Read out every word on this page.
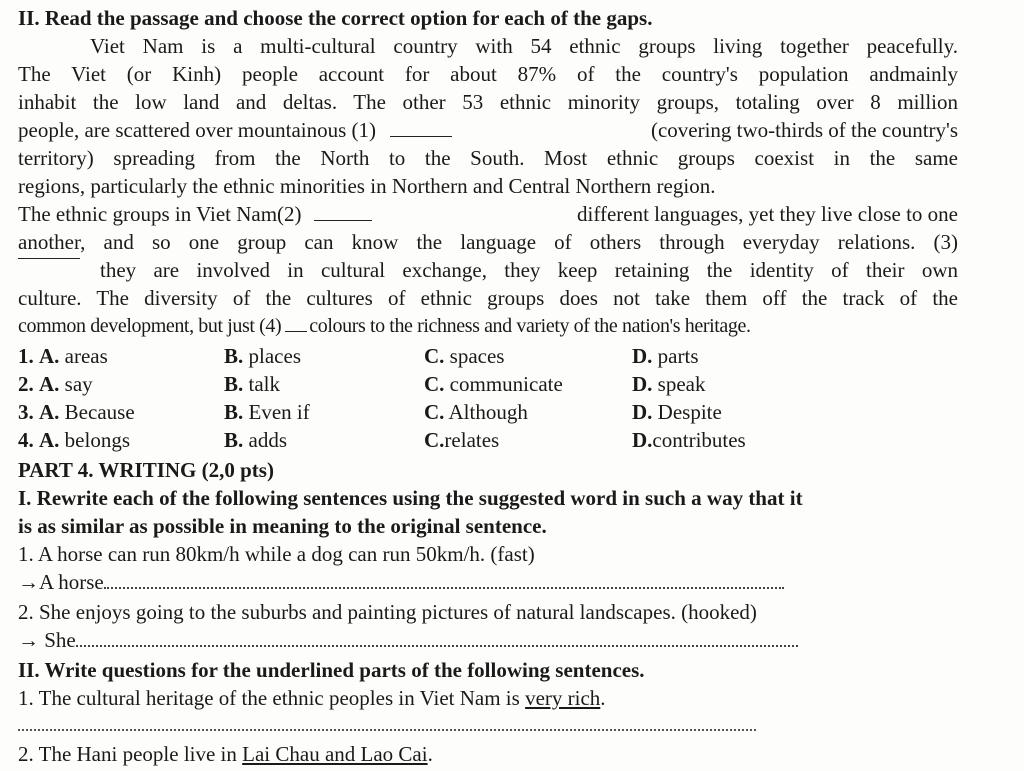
II. Read the passage and choose the correct option for each of the gaps.
Viet Nam is a multi-cultural country with 54 ethnic groups living together peacefully.
The Viet (or Kinh) people account for about 87% of the country's population andmainly
inhabit the low land and deltas. The other 53 ethnic minority groups, totaling over 8 million
people, are scattered over mountainous (1)	(covering two-thirds of the country's
territory) spreading from the North to the South. Most ethnic groups coexist in the same
regions, particularly the ethnic minorities in Northern and Central Northern region.
The ethnic groups in Viet Nam(2)	different languages, yet they live close to one
another, and so one group can know the language of others through everyday relations. (3)
they are involved in cultural exchange, they keep retaining the identity of their own
culture. The diversity of the cultures of ethnic groups does not take them off the track of the
common development, but just (4) colours to the richness and variety of the nation's heritage.
1. A. areas	B. places	C. spaces	D. parts
2. A. say	B. talk	C. communicate	D. speak
3. A. Because	B. Even if	C. Although	D. Despite
4. A. belongs	B. adds	C.relates	D.contributes
PART 4. WRITING (2,0 pts)
I. Rewrite each of the following sentences using the suggested word in such a way that it
is as similar as possible in meaning to the original sentence.
1. A horse can run 80km/h while a dog can run 50km/h. (fast)
→A horse
2. She enjoys going to the suburbs and painting pictures of natural landscapes. (hooked)
→ She
II. Write questions for the underlined parts of the following sentences.
1. The cultural heritage of the ethnic peoples in Viet Nam is very rich.
2. The Hani people live in Lai Chau and Lao Cai.
